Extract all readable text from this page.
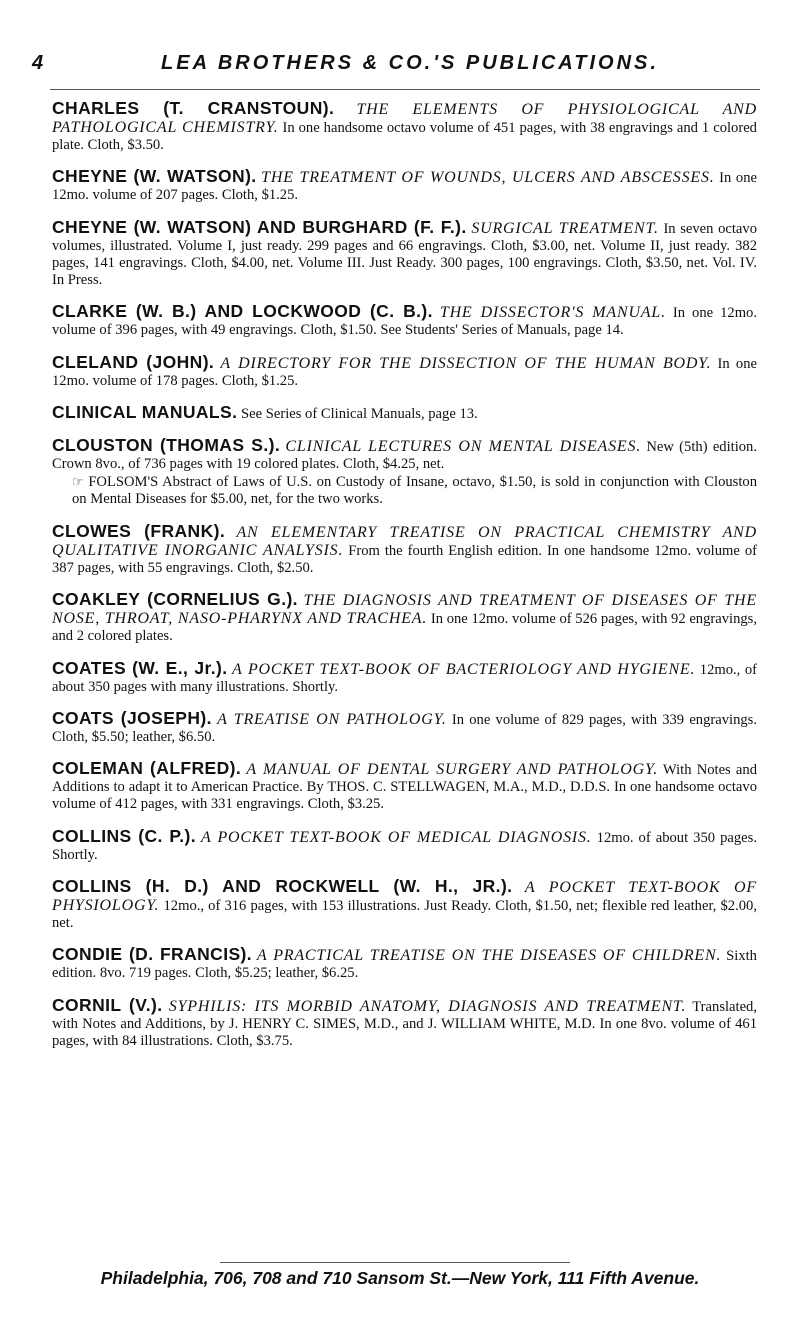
4	LEA BROTHERS & CO.'S PUBLICATIONS.
CHARLES (T. CRANSTOUN). THE ELEMENTS OF PHYSIOLOGICAL AND PATHOLOGICAL CHEMISTRY. In one handsome octavo volume of 451 pages, with 38 engravings and 1 colored plate. Cloth, $3.50.
CHEYNE (W. WATSON). THE TREATMENT OF WOUNDS, ULCERS AND ABSCESSES. In one 12mo. volume of 207 pages. Cloth, $1.25.
CHEYNE (W. WATSON) AND BURGHARD (F. F.). SURGICAL TREATMENT. In seven octavo volumes, illustrated. Volume I, just ready. 299 pages and 66 engravings. Cloth, $3.00, net. Volume II, just ready. 382 pages, 141 engravings. Cloth, $4.00, net. Volume III. Just Ready. 300 pages, 100 engravings. Cloth, $3.50, net. Vol. IV. In Press.
CLARKE (W. B.) AND LOCKWOOD (C. B.). THE DISSECTOR'S MANUAL. In one 12mo. volume of 396 pages, with 49 engravings. Cloth, $1.50. See Students' Series of Manuals, page 14.
CLELAND (JOHN). A DIRECTORY FOR THE DISSECTION OF THE HUMAN BODY. In one 12mo. volume of 178 pages. Cloth, $1.25.
CLINICAL MANUALS. See Series of Clinical Manuals, page 13.
CLOUSTON (THOMAS S.). CLINICAL LECTURES ON MENTAL DISEASES. New (5th) edition. Crown 8vo., of 736 pages with 19 colored plates. Cloth, $4.25, net.
☞ FOLSOM'S Abstract of Laws of U.S. on Custody of Insane, octavo, $1.50, is sold in conjunction with Clouston on Mental Diseases for $5.00, net, for the two works.
CLOWES (FRANK). AN ELEMENTARY TREATISE ON PRACTICAL CHEMISTRY AND QUALITATIVE INORGANIC ANALYSIS. From the fourth English edition. In one handsome 12mo. volume of 387 pages, with 55 engravings. Cloth, $2.50.
COAKLEY (CORNELIUS G.). THE DIAGNOSIS AND TREATMENT OF DISEASES OF THE NOSE, THROAT, NASO-PHARYNX AND TRACHEA. In one 12mo. volume of 526 pages, with 92 engravings, and 2 colored plates.
COATES (W. E., Jr.). A POCKET TEXT-BOOK OF BACTERIOLOGY AND HYGIENE. 12mo., of about 350 pages with many illustrations. Shortly.
COATS (JOSEPH). A TREATISE ON PATHOLOGY. In one volume of 829 pages, with 339 engravings. Cloth, $5.50; leather, $6.50.
COLEMAN (ALFRED). A MANUAL OF DENTAL SURGERY AND PATHOLOGY. With Notes and Additions to adapt it to American Practice. By THOS. C. STELLWAGEN, M.A., M.D., D.D.S. In one handsome octavo volume of 412 pages, with 331 engravings. Cloth, $3.25.
COLLINS (C. P.). A POCKET TEXT-BOOK OF MEDICAL DIAGNOSIS. 12mo. of about 350 pages. Shortly.
COLLINS (H. D.) AND ROCKWELL (W. H., JR.). A POCKET TEXT-BOOK OF PHYSIOLOGY. 12mo., of 316 pages, with 153 illustrations. Just Ready. Cloth, $1.50, net; flexible red leather, $2.00, net.
CONDIE (D. FRANCIS). A PRACTICAL TREATISE ON THE DISEASES OF CHILDREN. Sixth edition. 8vo. 719 pages. Cloth, $5.25; leather, $6.25.
CORNIL (V.). SYPHILIS: ITS MORBID ANATOMY, DIAGNOSIS AND TREATMENT. Translated, with Notes and Additions, by J. HENRY C. SIMES, M.D., and J. WILLIAM WHITE, M.D. In one 8vo. volume of 461 pages, with 84 illustrations. Cloth, $3.75.
Philadelphia, 706, 708 and 710 Sansom St.—New York, 111 Fifth Avenue.
